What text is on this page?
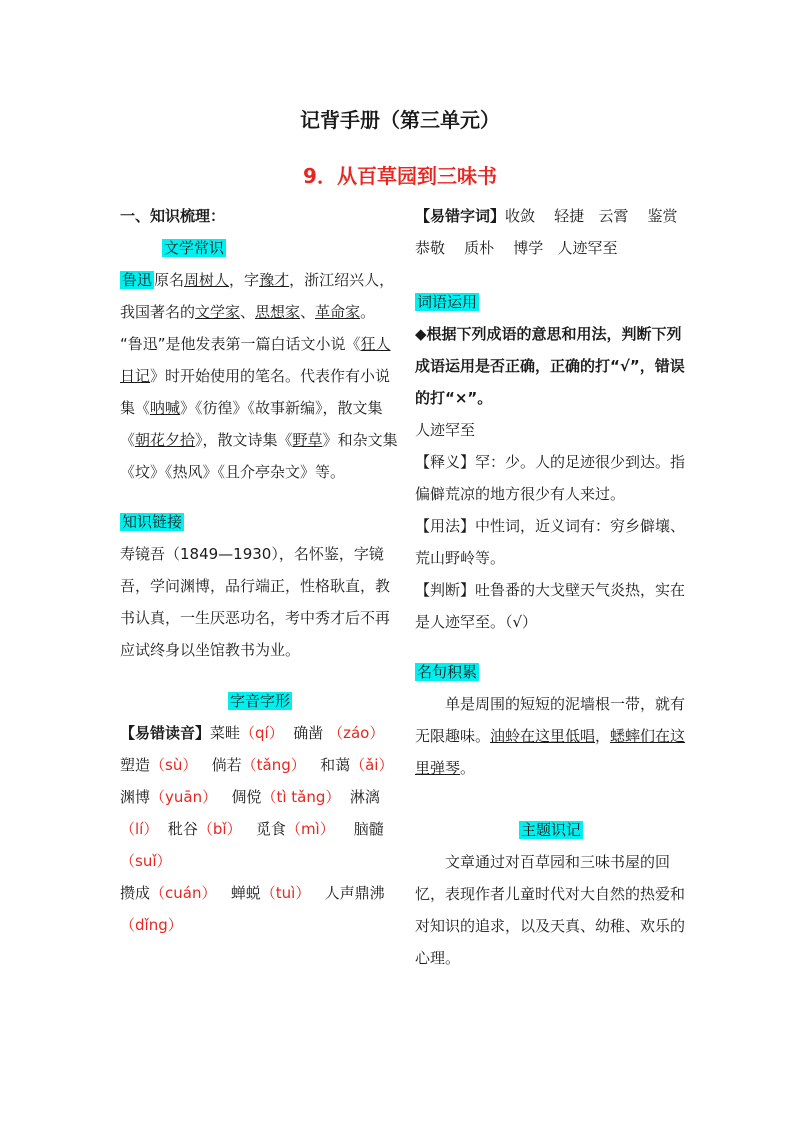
记背手册（第三单元）
9．从百草园到三味书

一、知识梳理：

文学常识

鲁迅 原名周树人，字豫才，浙江绍兴人，我国著名的文学家、思想家、革命家。
“鲁迅”是他发表第一篇白话文小说《狂人日记》时开始使用的笔名。代表作有小说集《呐喊》《彷徨》《故事新编》，散文集《朝花夕拾》，散文诗集《野草》和杂文集《坟》《热风》《且介亭杂文》等。

知识链接

寿镜吾（1849—1930），名怀鉴，字镜吾，学问渊博，品行端正，性格耿直，教书认真，一生厌恶功名，考中秀才后不再应试终身以坐馆教书为业。

字音字形

【易错读音】菜畦（qí） 确凿 （záo）
塑造（sù） 倘若（tǎng） 和蔼（ǎi）
渊博（yuān） 倜傥（tì tǎng） 淋漓
（lí） 秕谷（bǐ） 觅食（mì） 脑髓
（suǐ）
攒成（cuán） 蝉蜕（tuì） 人声鼎沸
（dǐng）

【易错字词】收敛 轻捷 云霄 鉴赏
恭敬 质朴 博学 人迹罕至

词语运用

◆根据下列成语的意思和用法，判断下列成语运用是否正确，正确的打“√”，错误的打“×”。

人迹罕至

【释义】罕：少。人的足迹很少到达。指偏僻荒凉的地方很少有人来过。

【用法】中性词，近义词有：穷乡僻壤、荒山野岭等。

【判断】吐鲁番的大戈壁天气炎热，实在是人迹罕至。（√）

名句积累

单是周围的短短的泥墙根一带，就有无限趣味。油蛉在这里低唱，蟋蟀们在这里弹琴。

主题识记

文章通过对百草园和三味书屋的回忆，表现作者儿童时代对大自然的热爱和对知识的追求，以及天真、幼稚、欢乐的心理。
